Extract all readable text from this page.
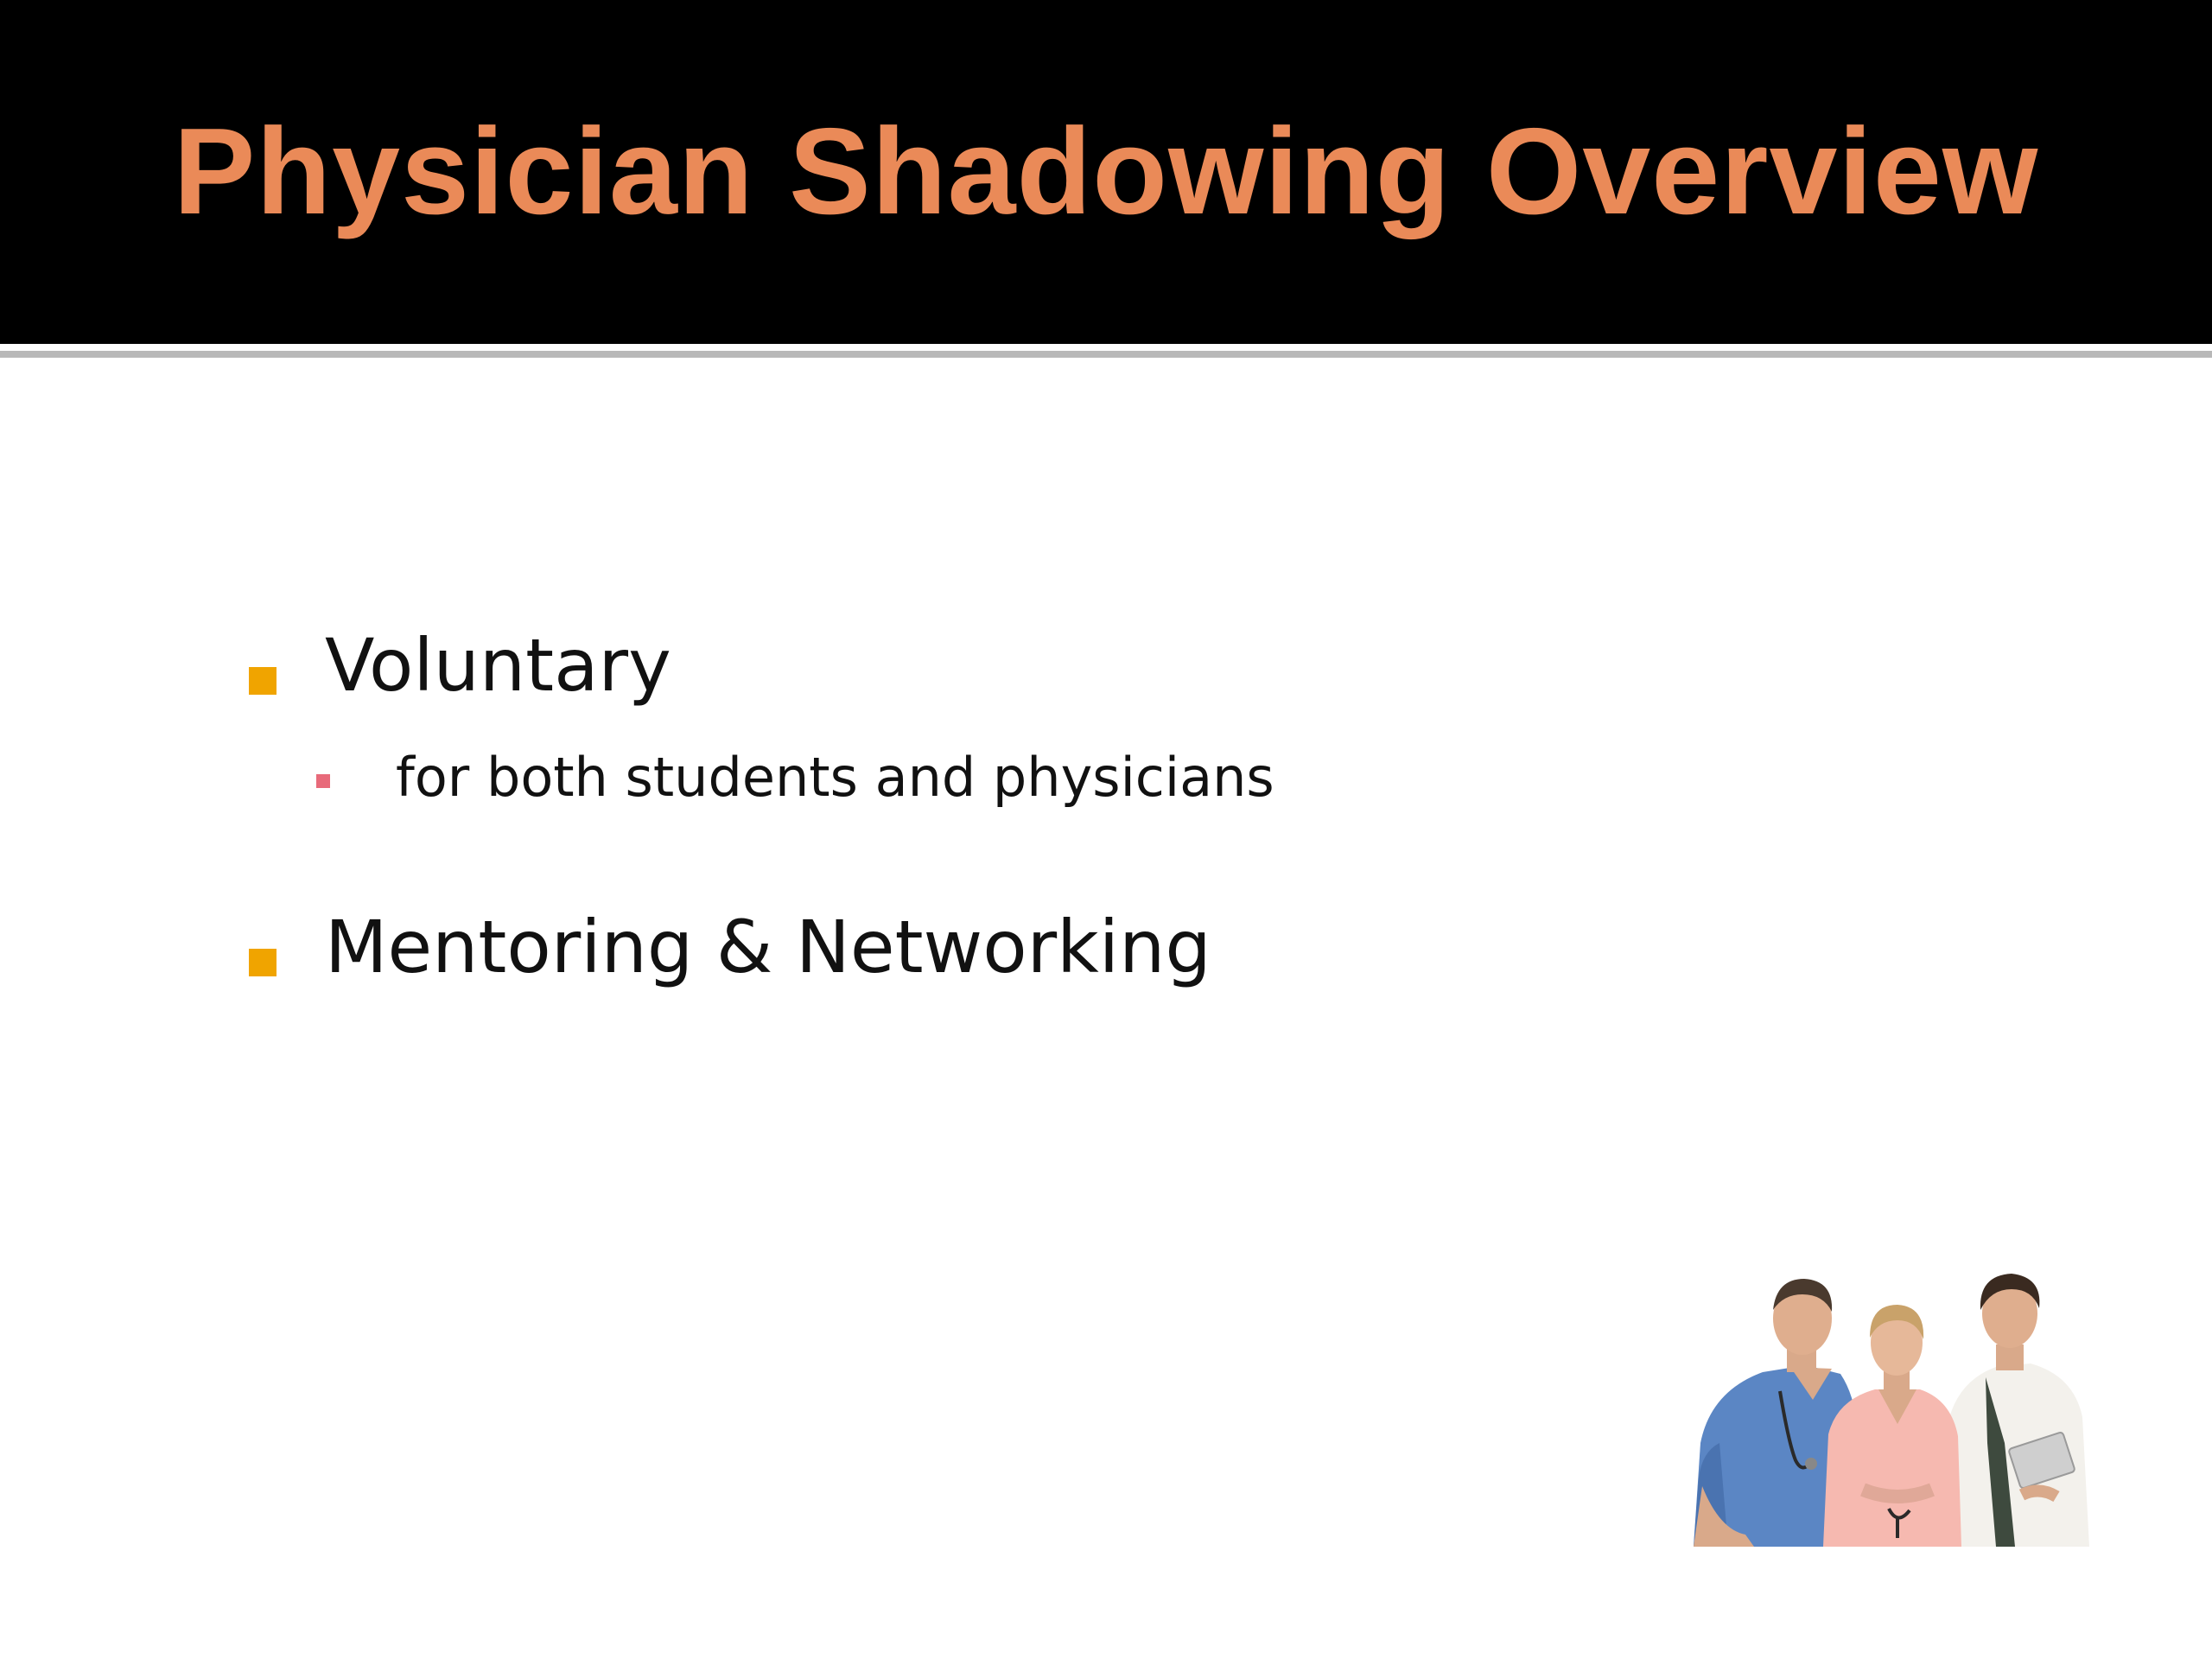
Physician Shadowing Overview
Voluntary
for both students and physicians
Mentoring & Networking
